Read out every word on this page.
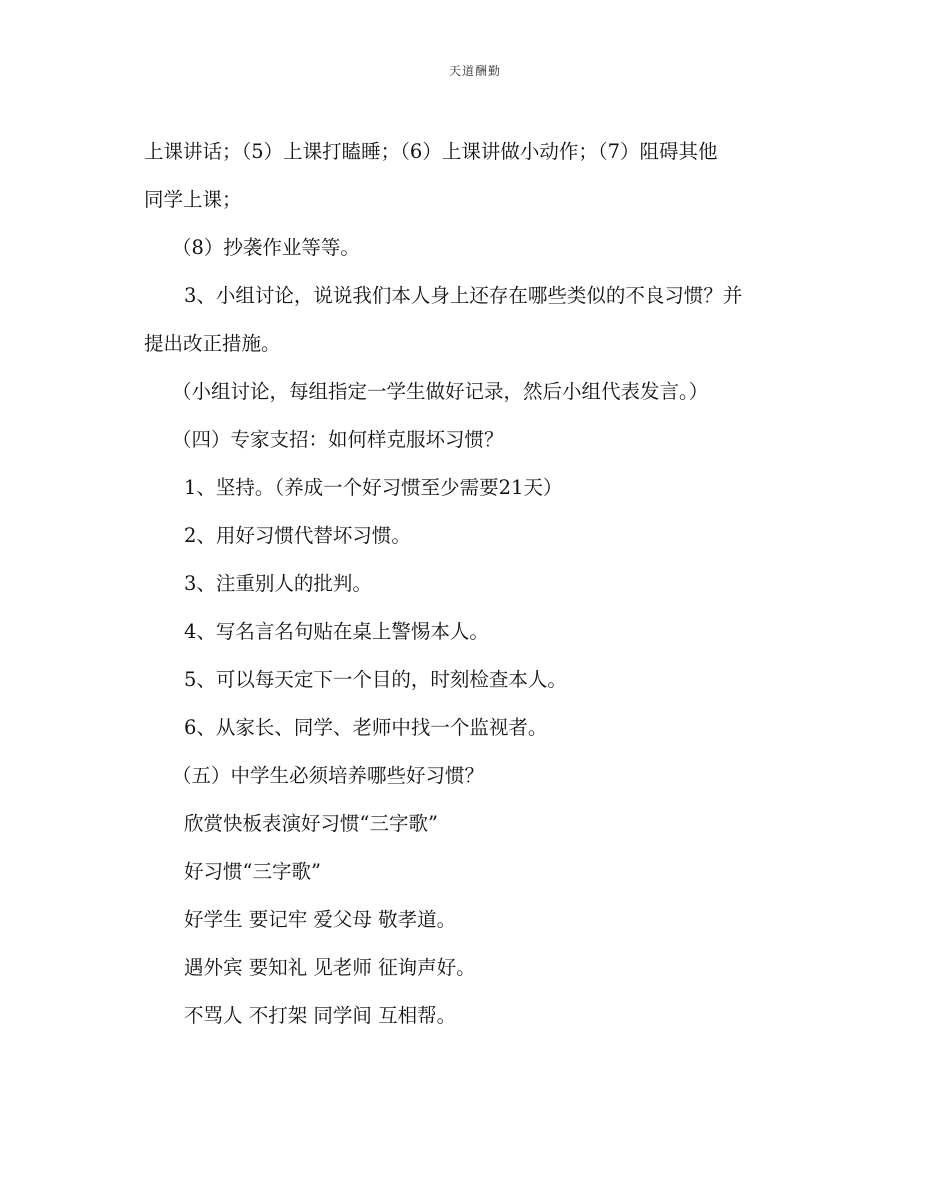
天道酬勤

上课讲话；（5）上课打瞌睡；（6）上课讲做小动作；（7）阻碍其他

同学上课；

（8）抄袭作业等等。

3、小组讨论，说说我们本人身上还存在哪些类似的不良习惯？并

提出改正措施。

（小组讨论，每组指定一学生做好记录，然后小组代表发言。）

（四）专家支招：如何样克服坏习惯？

1、坚持。（养成一个好习惯至少需要21天）

2、用好习惯代替坏习惯。

3、注重别人的批判。

4、写名言名句贴在桌上警惕本人。

5、可以每天定下一个目的，时刻检查本人。

6、从家长、同学、老师中找一个监视者。

（五）中学生必须培养哪些好习惯？

欣赏快板表演好习惯“三字歌”

好习惯“三字歌”

好学生 要记牢 爱父母 敬孝道。

遇外宾 要知礼 见老师 征询声好。

不骂人 不打架 同学间 互相帮。
